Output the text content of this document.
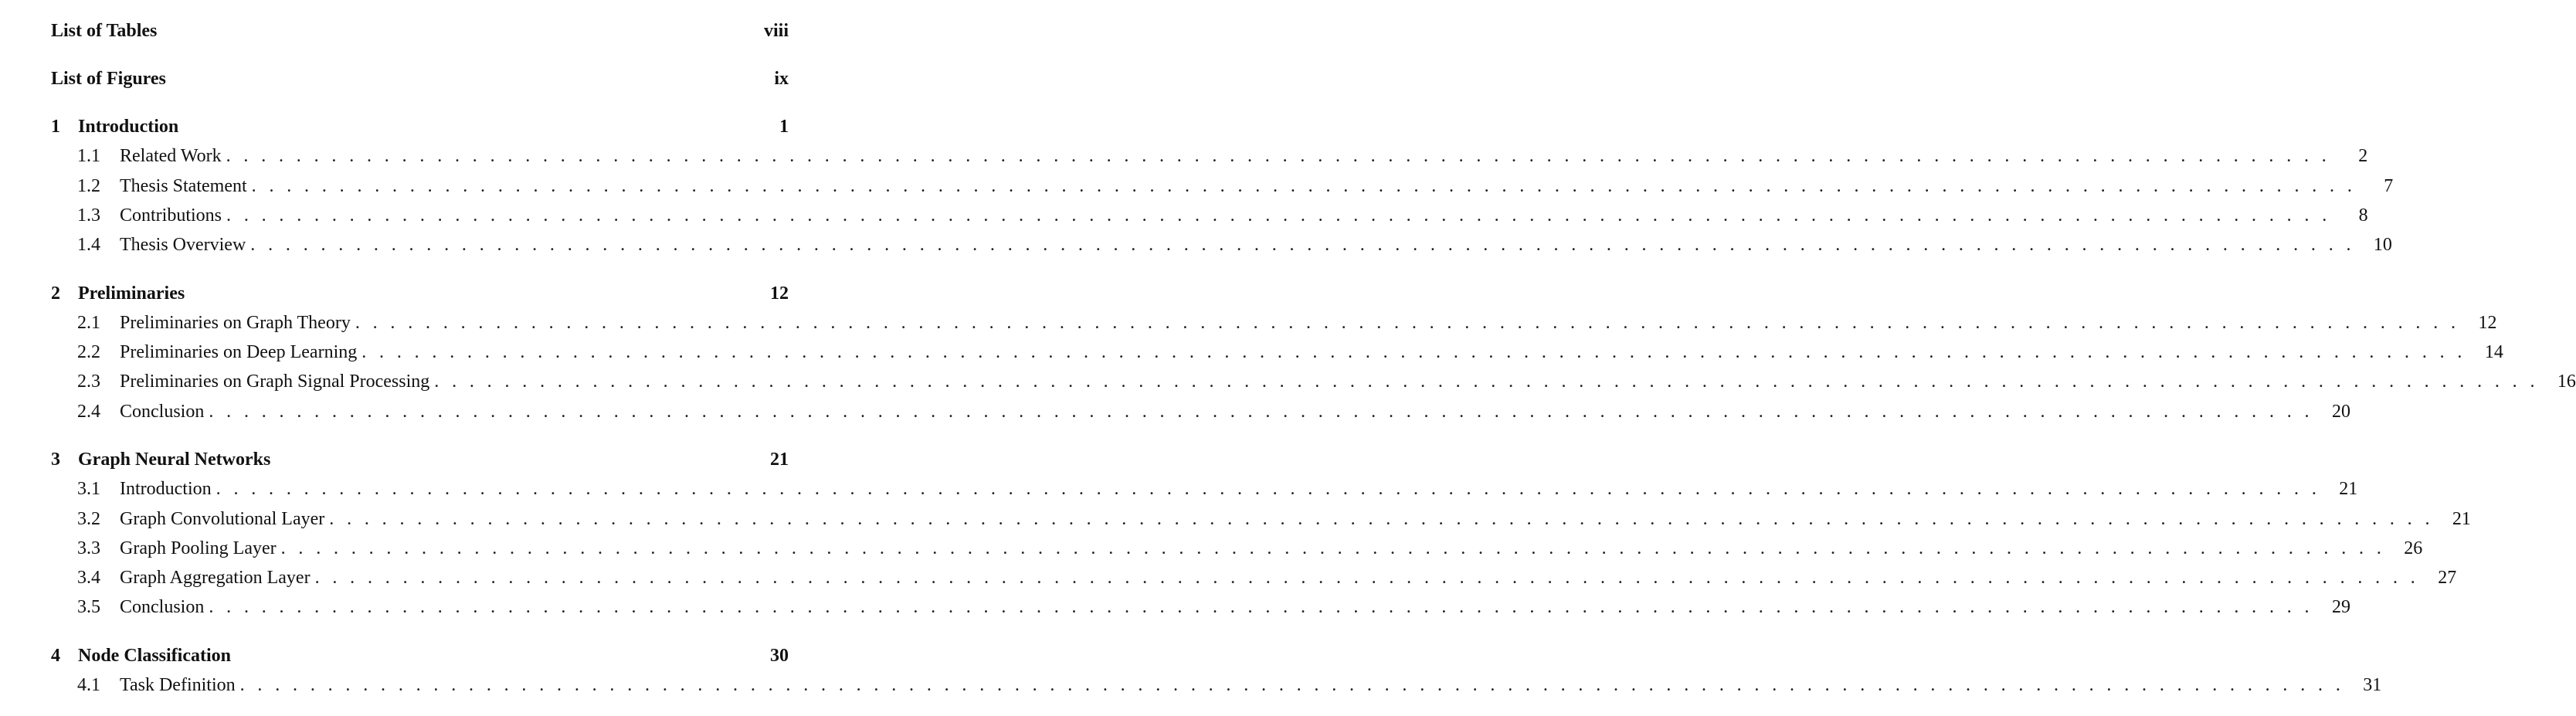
List of Tables	viii
List of Figures	ix
1 Introduction	1
1.1 Related Work . . . . . . . . . . . . . . . . . . . . . . . . . . . . . . . . . . . . . . . . . . . . . . . . . . . . . . . . . . . . . . . . . . . . . . . . . . . . . . . . . . . . . . . . . . . . . . . . . . . . . . . . . . . . . . . . . . . . . . . .	2
1.2 Thesis Statement . . . . . . . . . . . . . . . . . . . . . . . . . . . . . . . . . . . . . . . . . . . . . . . . . . . . . . . . . . . . . . . . . . . . . . . . . . . . . . . . . . . . . . . . . . . . . . . . . . . . . . . . . . . . . . . . . . . . . . . .	7
1.3 Contributions . . . . . . . . . . . . . . . . . . . . . . . . . . . . . . . . . . . . . . . . . . . . . . . . . . . . . . . . . . . . . . . . . . . . . . . . . . . . . . . . . . . . . . . . . . . . . . . . . . . . . . . . . . . . . . . . . . . . . . . .	8
1.4 Thesis Overview . . . . . . . . . . . . . . . . . . . . . . . . . . . . . . . . . . . . . . . . . . . . . . . . . . . . . . . . . . . . . . . . . . . . . . . . . . . . . . . . . . . . . . . . . . . . . . . . . . . . . . . . . . . . . . . . . . . . . . . .	10
2 Preliminaries	12
2.1 Preliminaries on Graph Theory . . . . . . . . . . . . . . . . . . . . . . . . . . . . . . . . . . . . . . . . . . . . . . . . . . . . . . . . . . . . . . . . . . . . . . . . . . . . . . . . . . . . . . . . . . . . . . . . . . . . . . . . . . . . . . . . . . . . . . . .	12
2.2 Preliminaries on Deep Learning . . . . . . . . . . . . . . . . . . . . . . . . . . . . . . . . . . . . . . . . . . . . . . . . . . . . . . . . . . . . . . . . . . . . . . . . . . . . . . . . . . . . . . . . . . . . . . . . . . . . . . . . . . . . . . . . . . . . . . . .	14
2.3 Preliminaries on Graph Signal Processing . . . . . . . . . . . . . . . . . . . . . . . . . . . . . . . . . . . . . . . . . . . . . . . . . . . . . . . . . . . . . . . . . . . . . . . . . . . . . . . . . . . . . . . . . . . . . . . . . . . . . . . . . . . . . . . . . . . . . . . .	16
2.4 Conclusion . . . . . . . . . . . . . . . . . . . . . . . . . . . . . . . . . . . . . . . . . . . . . . . . . . . . . . . . . . . . . . . . . . . . . . . . . . . . . . . . . . . . . . . . . . . . . . . . . . . . . . . . . . . . . . . . . . . . . . . .	20
3 Graph Neural Networks	21
3.1 Introduction . . . . . . . . . . . . . . . . . . . . . . . . . . . . . . . . . . . . . . . . . . . . . . . . . . . . . . . . . . . . . . . . . . . . . . . . . . . . . . . . . . . . . . . . . . . . . . . . . . . . . . . . . . . . . . . . . . . . . . . .	21
3.2 Graph Convolutional Layer . . . . . . . . . . . . . . . . . . . . . . . . . . . . . . . . . . . . . . . . . . . . . . . . . . . . . . . . . . . . . . . . . . . . . . . . . . . . . . . . . . . . . . . . . . . . . . . . . . . . . . . . . . . . . . . . . . . . . . . .	21
3.3 Graph Pooling Layer . . . . . . . . . . . . . . . . . . . . . . . . . . . . . . . . . . . . . . . . . . . . . . . . . . . . . . . . . . . . . . . . . . . . . . . . . . . . . . . . . . . . . . . . . . . . . . . . . . . . . . . . . . . . . . . . . . . . . . . .	26
3.4 Graph Aggregation Layer . . . . . . . . . . . . . . . . . . . . . . . . . . . . . . . . . . . . . . . . . . . . . . . . . . . . . . . . . . . . . . . . . . . . . . . . . . . . . . . . . . . . . . . . . . . . . . . . . . . . . . . . . . . . . . . . . . . . . . . .	27
3.5 Conclusion . . . . . . . . . . . . . . . . . . . . . . . . . . . . . . . . . . . . . . . . . . . . . . . . . . . . . . . . . . . . . . . . . . . . . . . . . . . . . . . . . . . . . . . . . . . . . . . . . . . . . . . . . . . . . . . . . . . . . . . .	29
4 Node Classification	30
4.1 Task Definition . . . . . . . . . . . . . . . . . . . . . . . . . . . . . . . . . . . . . . . . . . . . . . . . . . . . . . . . . . . . . . . . . . . . . . . . . . . . . . . . . . . . . . . . . . . . . . . . . . . . . . . . . . . . . . . . . . . . . . . .	31
